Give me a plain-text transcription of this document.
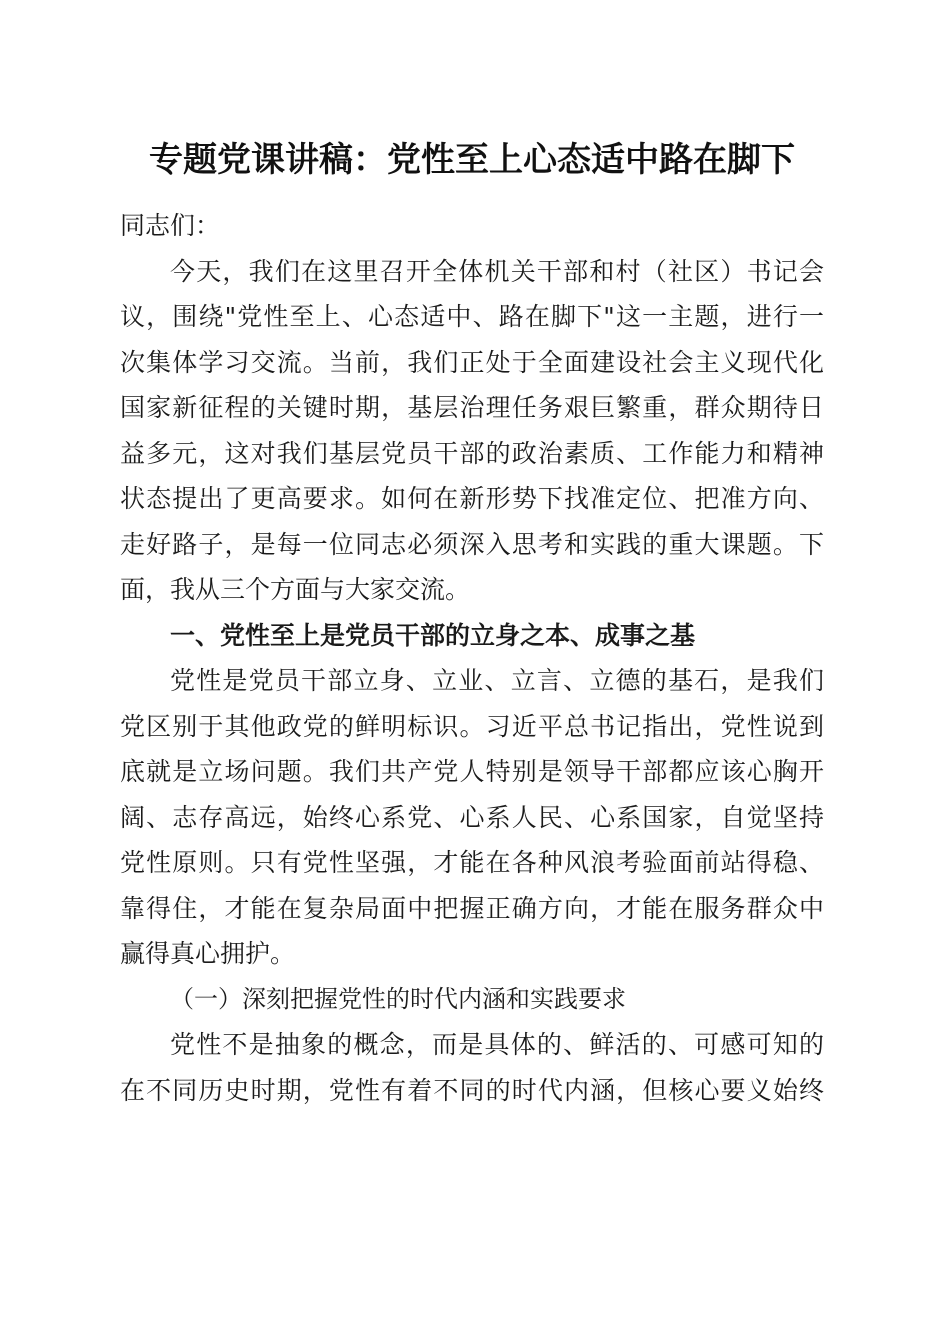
专题党课讲稿：党性至上心态适中路在脚下
同志们：
今天，我们在这里召开全体机关干部和村（社区）书记会
议，围绕"党性至上、心态适中、路在脚下"这一主题，进行一
次集体学习交流。当前，我们正处于全面建设社会主义现代化
国家新征程的关键时期，基层治理任务艰巨繁重，群众期待日
益多元，这对我们基层党员干部的政治素质、工作能力和精神
状态提出了更高要求。如何在新形势下找准定位、把准方向、
走好路子，是每一位同志必须深入思考和实践的重大课题。下
面，我从三个方面与大家交流。
一、党性至上是党员干部的立身之本、成事之基
党性是党员干部立身、立业、立言、立德的基石，是我们
党区别于其他政党的鲜明标识。习近平总书记指出，党性说到
底就是立场问题。我们共产党人特别是领导干部都应该心胸开
阔、志存高远，始终心系党、心系人民、心系国家，自觉坚持
党性原则。只有党性坚强，才能在各种风浪考验面前站得稳、
靠得住，才能在复杂局面中把握正确方向，才能在服务群众中
赢得真心拥护。
（一）深刻把握党性的时代内涵和实践要求
党性不是抽象的概念，而是具体的、鲜活的、可感可知的
在不同历史时期，党性有着不同的时代内涵，但核心要义始终
